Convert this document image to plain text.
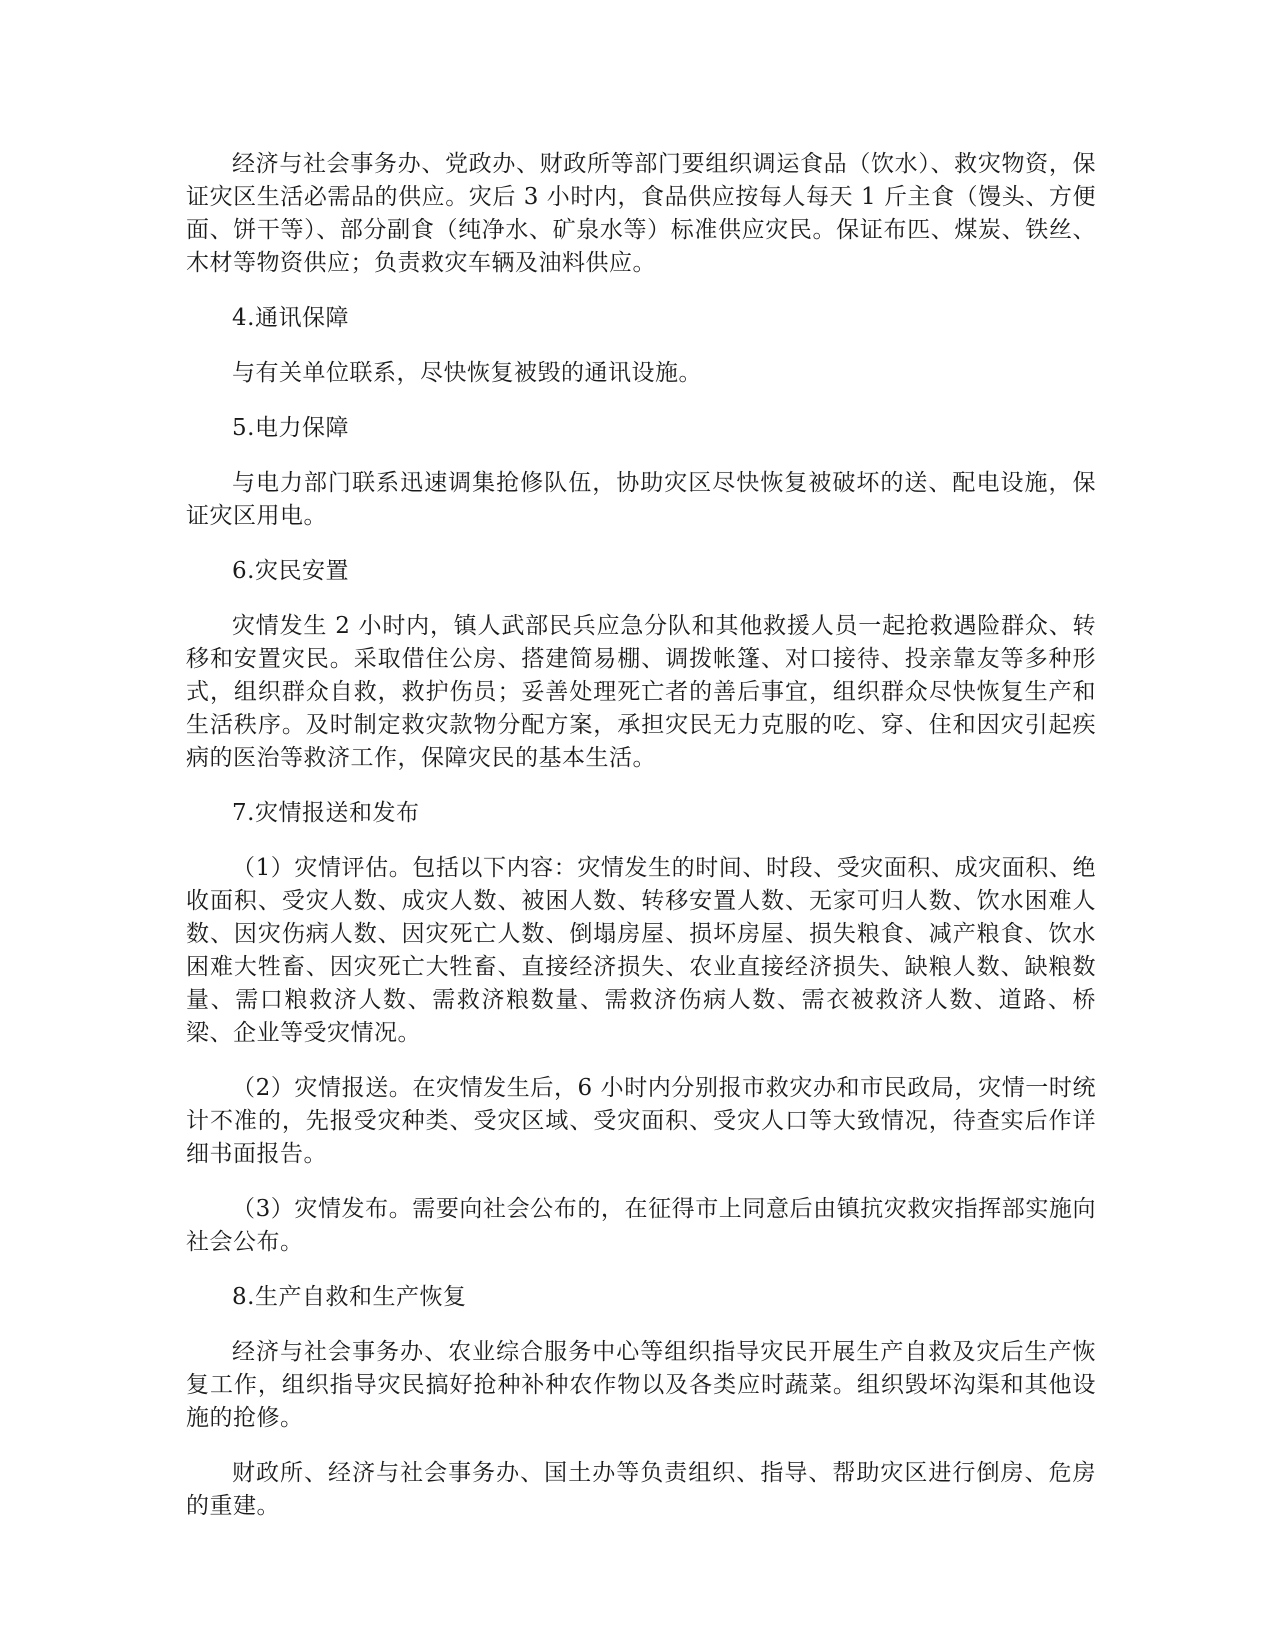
经济与社会事务办、党政办、财政所等部门要组织调运食品（饮水）、救灾物资，保证灾区生活必需品的供应。灾后 3 小时内，食品供应按每人每天 1 斤主食（馒头、方便面、饼干等）、部分副食（纯净水、矿泉水等）标准供应灾民。保证布匹、煤炭、铁丝、木材等物资供应；负责救灾车辆及油料供应。

4.通讯保障

与有关单位联系，尽快恢复被毁的通讯设施。

5.电力保障

与电力部门联系迅速调集抢修队伍，协助灾区尽快恢复被破坏的送、配电设施，保证灾区用电。

6.灾民安置

灾情发生 2 小时内，镇人武部民兵应急分队和其他救援人员一起抢救遇险群众、转移和安置灾民。采取借住公房、搭建简易棚、调拨帐篷、对口接待、投亲靠友等多种形式，组织群众自救，救护伤员；妥善处理死亡者的善后事宜，组织群众尽快恢复生产和生活秩序。及时制定救灾款物分配方案，承担灾民无力克服的吃、穿、住和因灾引起疾病的医治等救济工作，保障灾民的基本生活。

7.灾情报送和发布

（1）灾情评估。包括以下内容：灾情发生的时间、时段、受灾面积、成灾面积、绝收面积、受灾人数、成灾人数、被困人数、转移安置人数、无家可归人数、饮水困难人数、因灾伤病人数、因灾死亡人数、倒塌房屋、损坏房屋、损失粮食、减产粮食、饮水困难大牲畜、因灾死亡大牲畜、直接经济损失、农业直接经济损失、缺粮人数、缺粮数量、需口粮救济人数、需救济粮数量、需救济伤病人数、需衣被救济人数、道路、桥梁、企业等受灾情况。

（2）灾情报送。在灾情发生后，6 小时内分别报市救灾办和市民政局，灾情一时统计不准的，先报受灾种类、受灾区域、受灾面积、受灾人口等大致情况，待查实后作详细书面报告。

（3）灾情发布。需要向社会公布的，在征得市上同意后由镇抗灾救灾指挥部实施向社会公布。

8.生产自救和生产恢复

经济与社会事务办、农业综合服务中心等组织指导灾民开展生产自救及灾后生产恢复工作，组织指导灾民搞好抢种补种农作物以及各类应时蔬菜。组织毁坏沟渠和其他设施的抢修。

财政所、经济与社会事务办、国土办等负责组织、指导、帮助灾区进行倒房、危房的重建。
